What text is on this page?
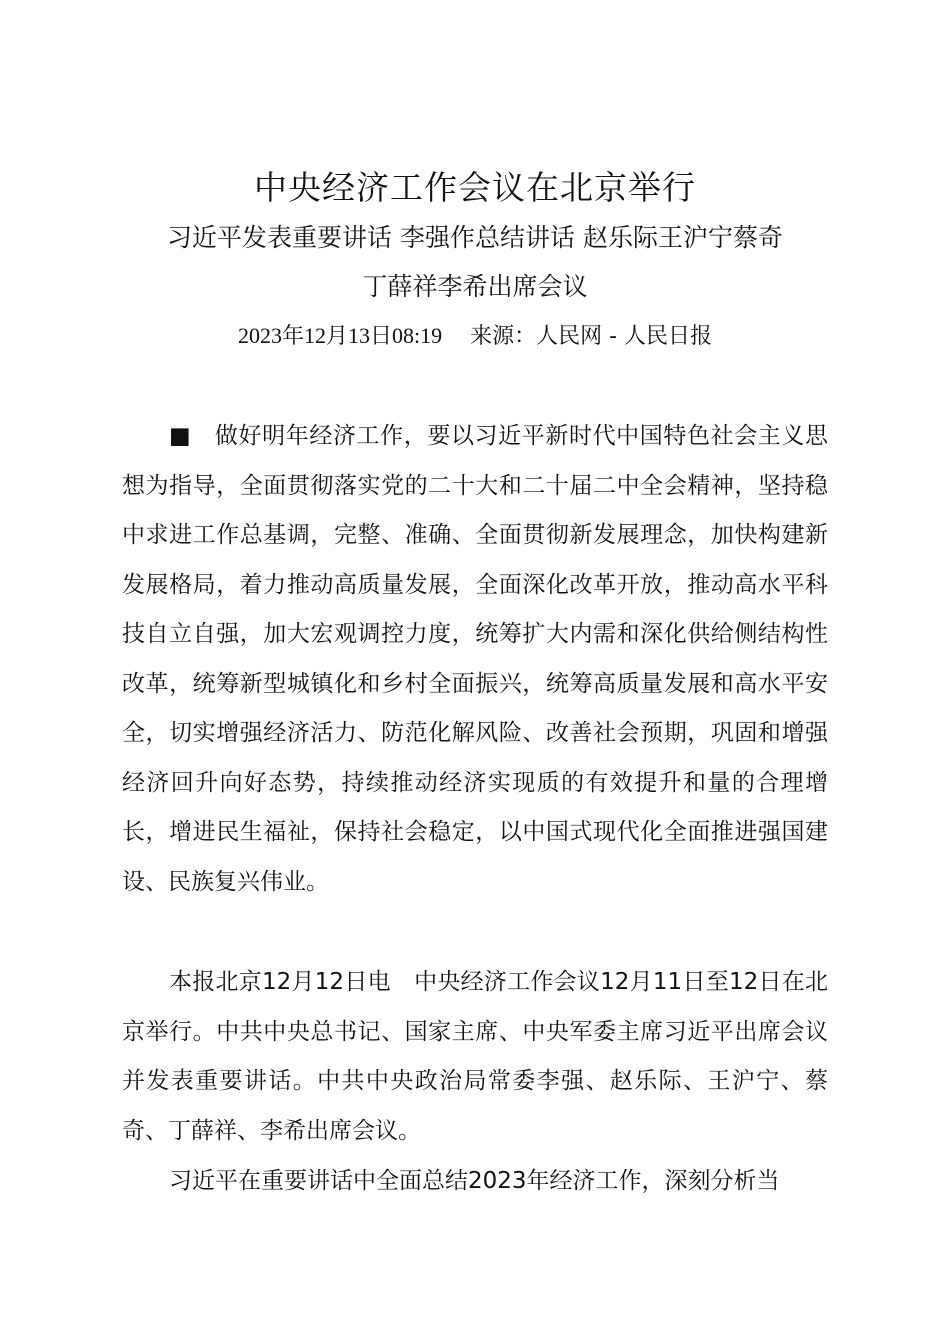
中央经济工作会议在北京举行
习近平发表重要讲话 李强作总结讲话 赵乐际王沪宁蔡奇
丁薛祥李希出席会议
2023年12月13日08:19 来源：人民网 - 人民日报
■　做好明年经济工作，要以习近平新时代中国特色社会主义思想为指导，全面贯彻落实党的二十大和二十届二中全会精神，坚持稳中求进工作总基调，完整、准确、全面贯彻新发展理念，加快构建新发展格局，着力推动高质量发展，全面深化改革开放，推动高水平科技自立自强，加大宏观调控力度，统筹扩大内需和深化供给侧结构性改革，统筹新型城镇化和乡村全面振兴，统筹高质量发展和高水平安全，切实增强经济活力、防范化解风险、改善社会预期，巩固和增强经济回升向好态势，持续推动经济实现质的有效提升和量的合理增长，增进民生福祉，保持社会稳定，以中国式现代化全面推进强国建设、民族复兴伟业。
本报北京12月12日电　中央经济工作会议12月11日至12日在北京举行。中共中央总书记、国家主席、中央军委主席习近平出席会议并发表重要讲话。中共中央政治局常委李强、赵乐际、王沪宁、蔡奇、丁薛祥、李希出席会议。
习近平在重要讲话中全面总结2023年经济工作，深刻分析当
